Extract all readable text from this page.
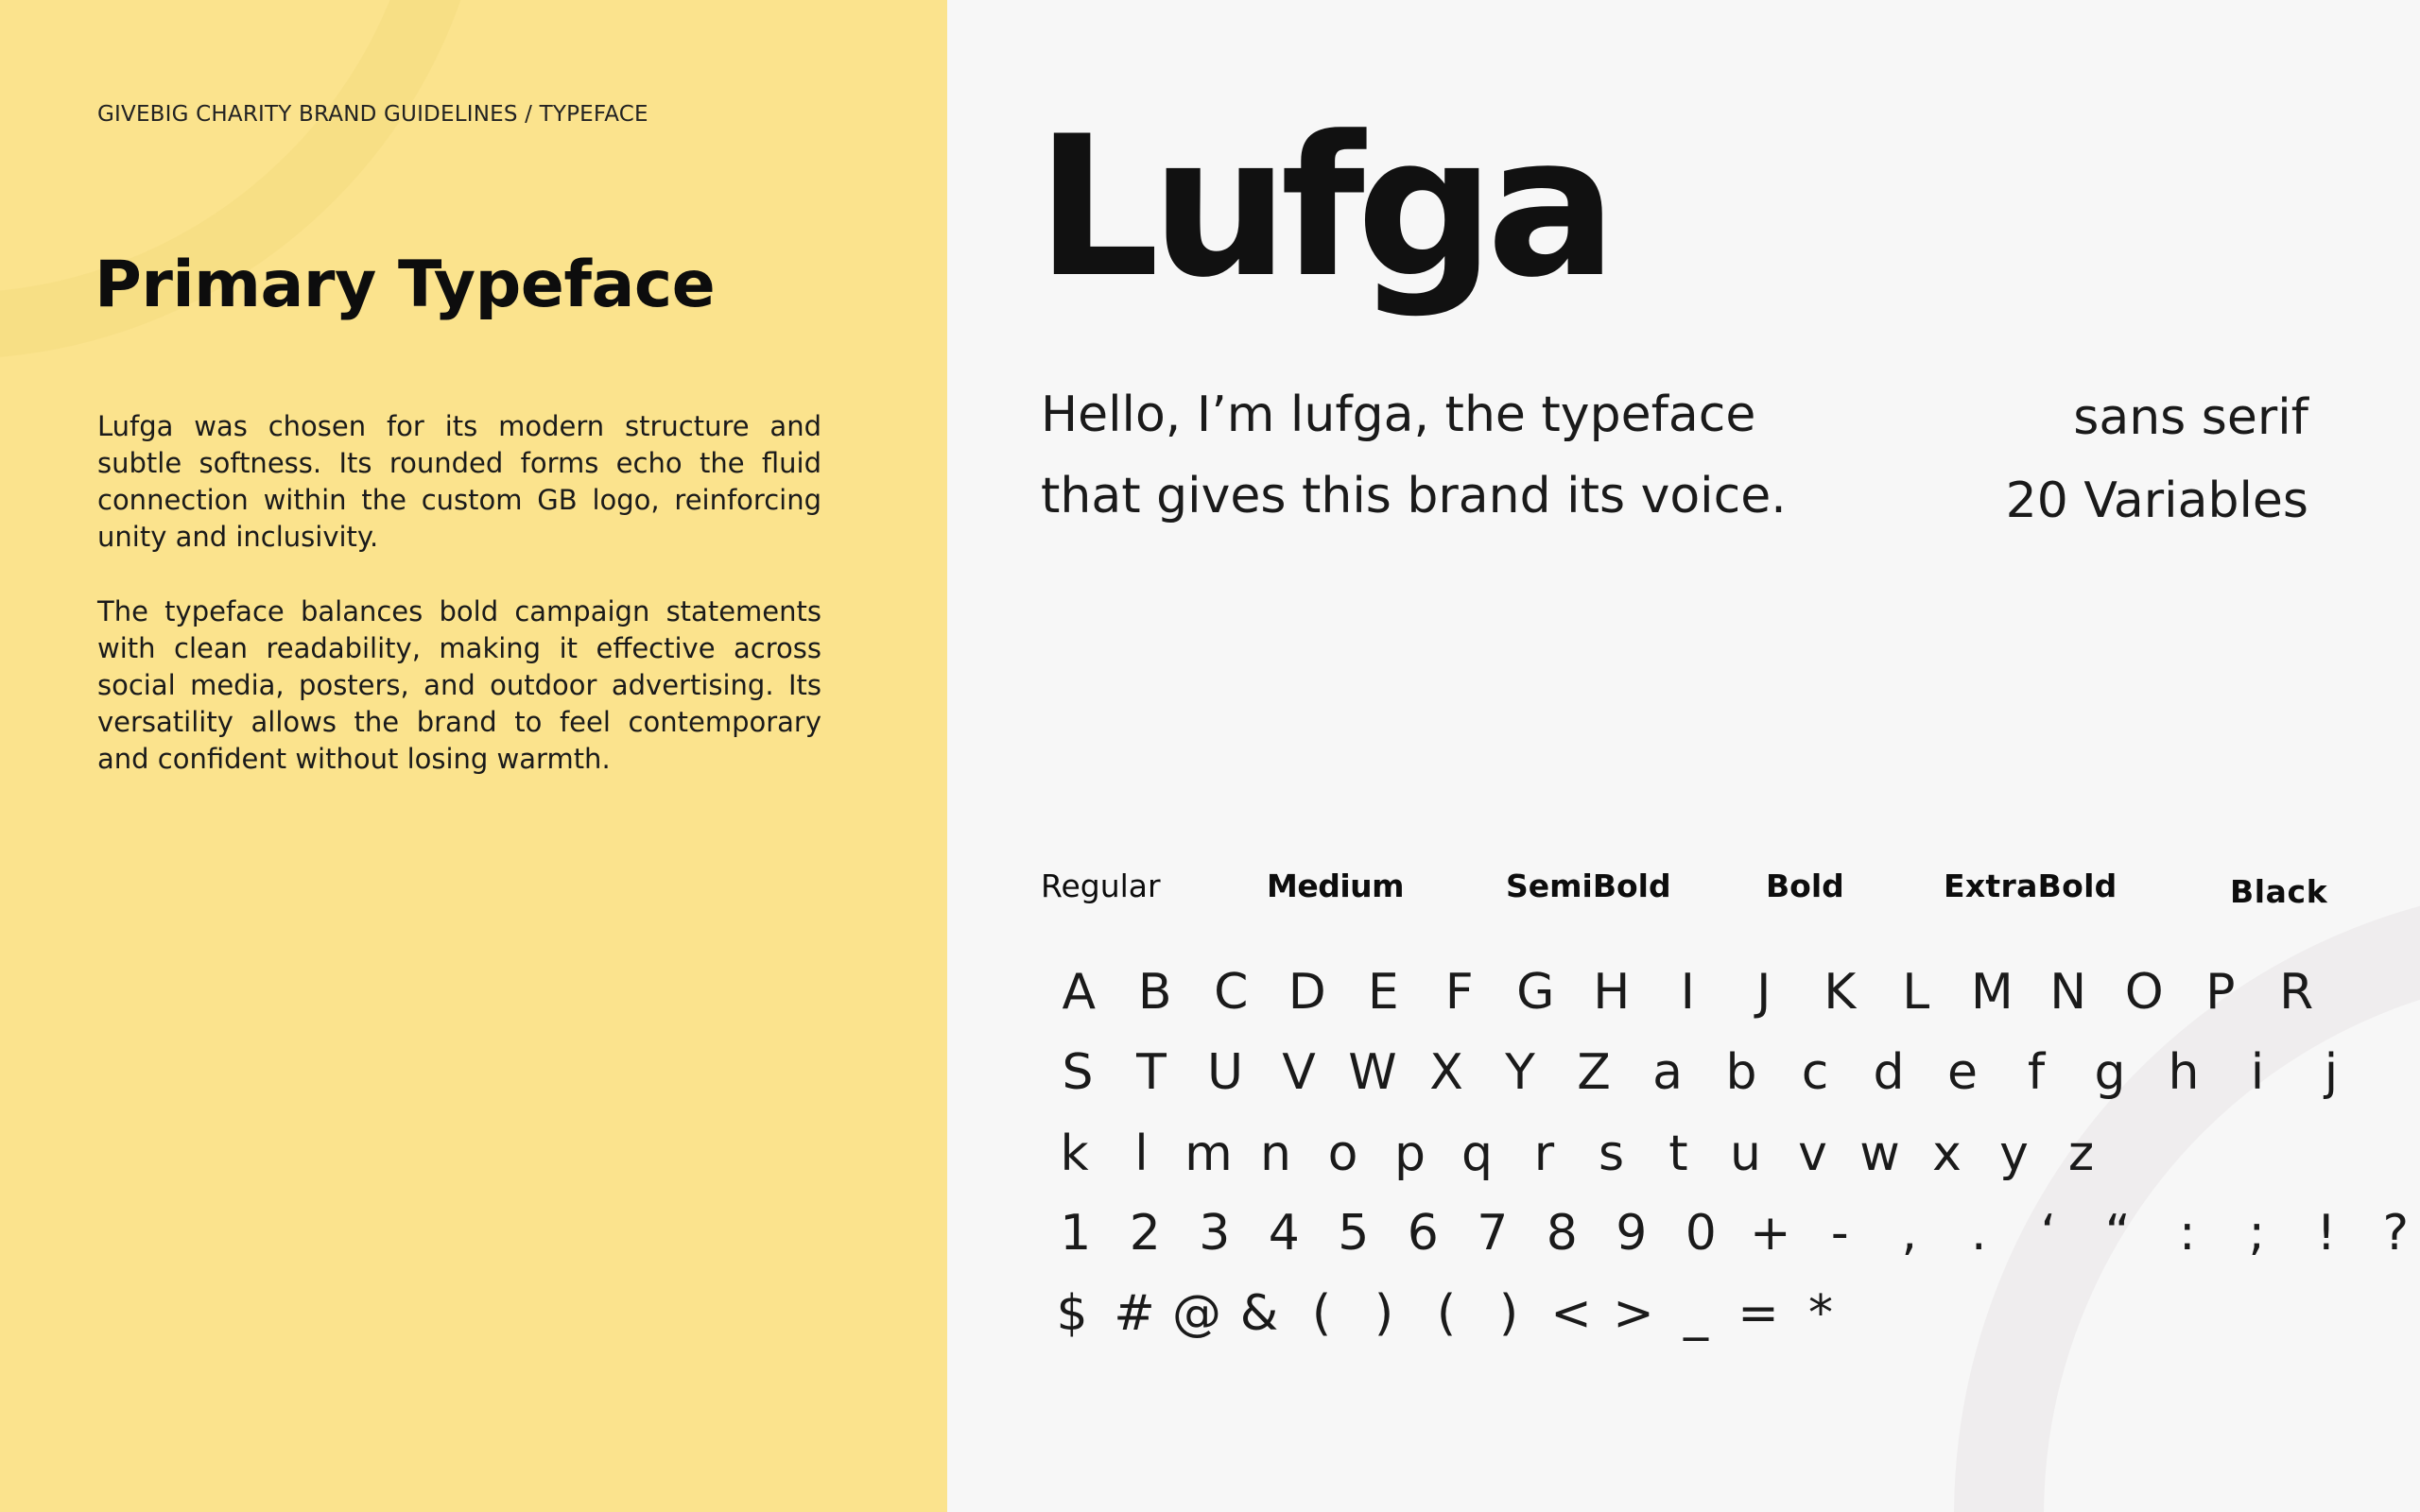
GIVEBIG CHARITY BRAND GUIDELINES / TYPEFACE
Primary Typeface
Lufga was chosen for its modern structure and subtle softness. Its rounded forms echo the fluid connection within the custom GB logo, reinforcing unity and inclusivity.
The typeface balances bold campaign statements with clean readability, making it effective across social media, posters, and outdoor advertising. Its versatility allows the brand to feel contemporary and confident without losing warmth.
Lufga
Hello, I’m lufga, the typeface
that gives this brand its voice.
sans serif
20 Variables
Regular	Medium	SemiBold	Bold	ExtraBold	Black
A B C D E F G H	I	J	K L M N O P R
S T U V W X Y Z a b c d e	f	g h	i	j
k l m n o p q r s t u v w x y z
1 2 3 4 5 6 7 8 9 0 + -	,	.	‘ “ :	;	! ?
$ # @ & ( ) ( ) < > _ = *
